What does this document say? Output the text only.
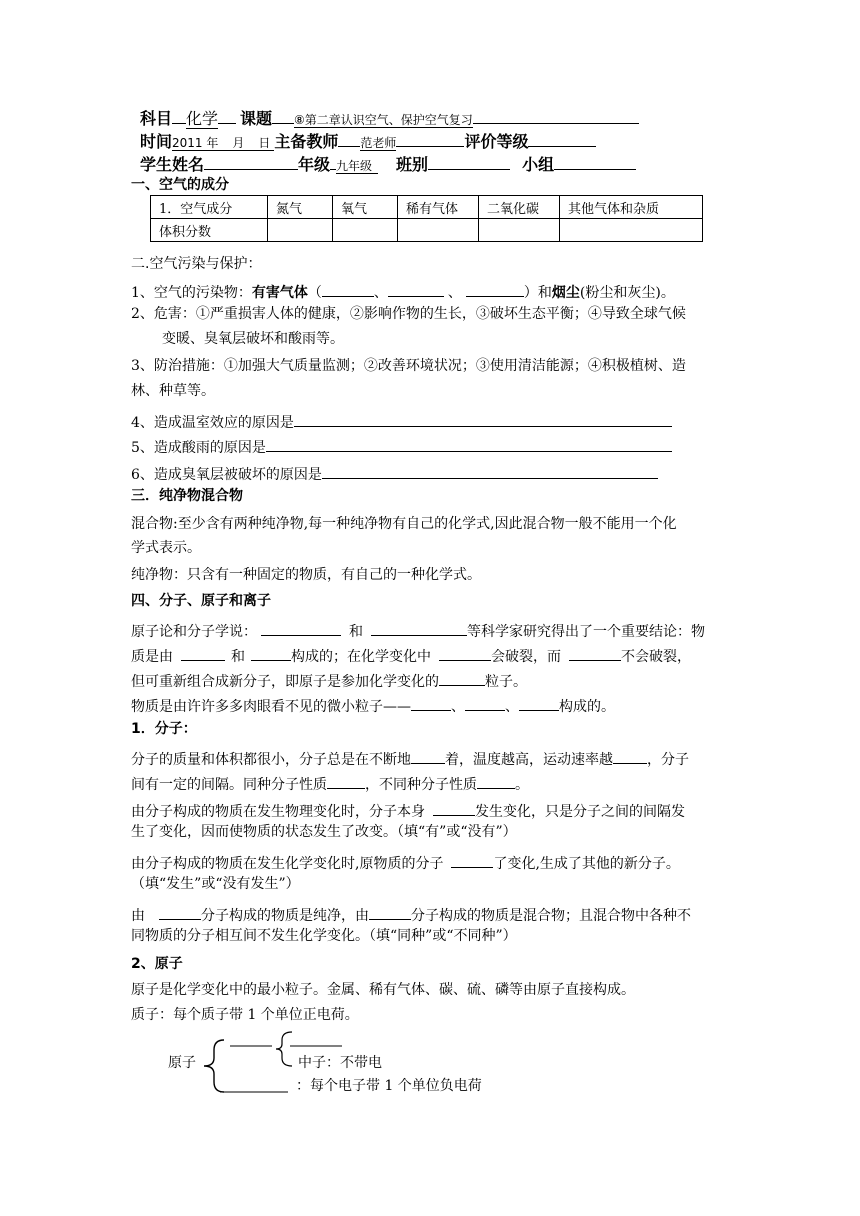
科目 化学 课题 ⑧第二章认识空气、保护空气复习
时间2011 年 月 日 主备教师 范老师	评价等级
学生姓名	年级 九年级 班别	小组
一、空气的成分
1．空气成分	氮气	氧气	稀有气体	二氧化碳	其他气体和杂质
体积分数					
二.空气污染与保护：
1、空气的污染物：有害气体（	、	、	）和烟尘(粉尘和灰尘)。
2、危害：①严重损害人体的健康，②影响作物的生长，③破坏生态平衡；④导致全球气候
变暖、臭氧层破坏和酸雨等。
3、防治措施：①加强大气质量监测；②改善环境状况；③使用清洁能源；④积极植树、造
林、种草等。
4、造成温室效应的原因是
5、造成酸雨的原因是
6、造成臭氧层被破坏的原因是
三．纯净物混合物
混合物:至少含有两种纯净物,每一种纯净物有自己的化学式,因此混合物一般不能用一个化
学式表示。
纯净物：只含有一种固定的物质，有自己的一种化学式。
四、分子、原子和离子
原子论和分子学说：	和	等科学家研究得出了一个重要结论：物
质是由	和	构成的；在化学变化中	会破裂，而	不会破裂，
但可重新组合成新分子，即原子是参加化学变化的	粒子。
物质是由许许多多肉眼看不见的微小粒子——	、	、	构成的。
1．分子：
分子的质量和体积都很小，分子总是在不断地 着，温度越高，运动速率越 ，分子
间有一定的间隔。同种分子性质	，不同种分子性质	。
由分子构成的物质在发生物理变化时，分子本身	发生变化，只是分子之间的间隔发
生了变化，因而使物质的状态发生了改变。（填“有”或“没有”）
由分子构成的物质在发生化学变化时,原物质的分子	了变化,生成了其他的新分子。
（填“发生”或“没有发生”）
由	分子构成的物质是纯净，由	分子构成的物质是混合物；且混合物中各种不
同物质的分子相互间不发生化学变化。（填“同种”或“不同种”）
2、原子
原子是化学变化中的最小粒子。金属、稀有气体、碳、硫、磷等由原子直接构成。
质子：每个质子带 1 个单位正电荷。
原子	中子：不带电
：每个电子带 1 个单位负电荷
